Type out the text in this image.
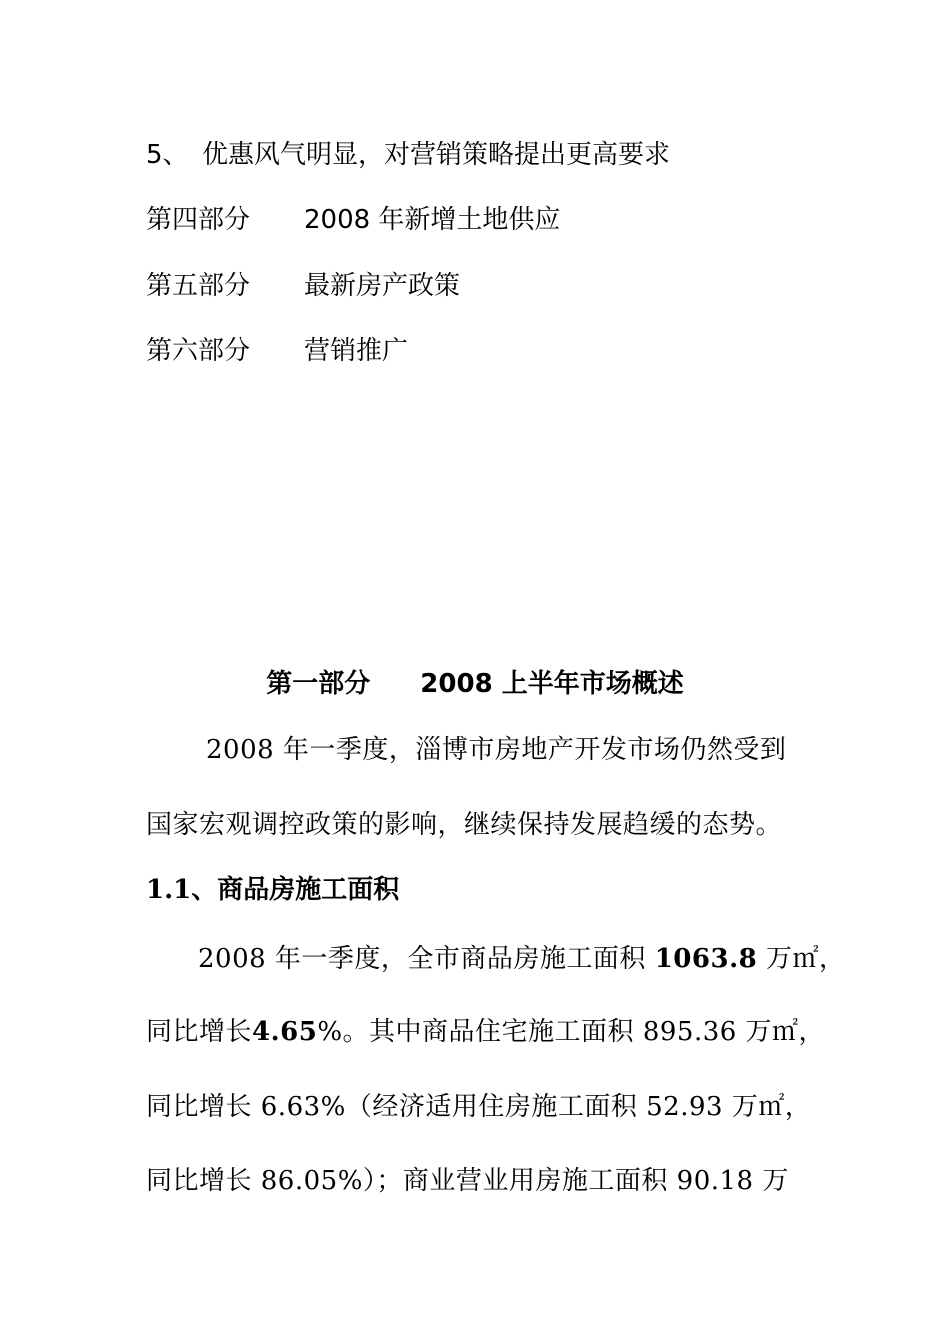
5、 优惠风气明显，对营销策略提出更高要求
第四部分 2008 年新增土地供应
第五部分 最新房产政策
第六部分 营销推广
第一部分 2008 上半年市场概述
2008 年一季度，淄博市房地产开发市场仍然受到
国家宏观调控政策的影响，继续保持发展趋缓的态势。
1.1、商品房施工面积
2008 年一季度，全市商品房施工面积 1063.8 万㎡，
同比增长4.65%。其中商品住宅施工面积 895.36 万㎡，
同比增长 6.63%（经济适用住房施工面积 52.93 万㎡，
同比增长 86.05%）；商业营业用房施工面积 90.18 万
